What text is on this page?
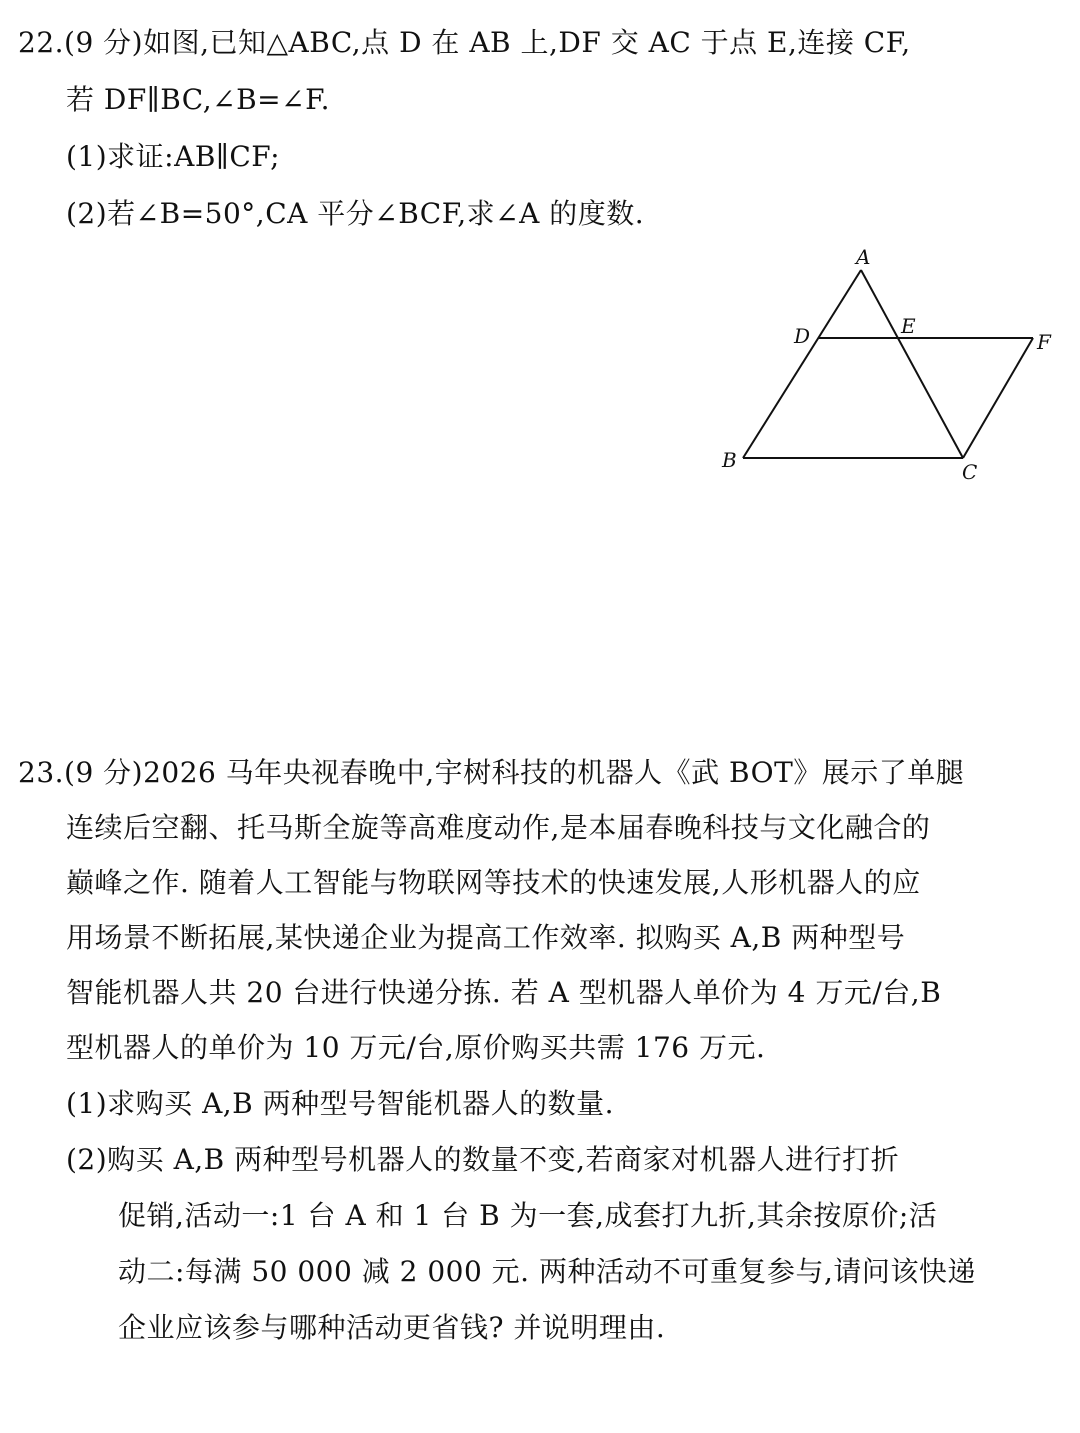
22.(9 分)如图,已知△ABC,点 D 在 AB 上,DF 交 AC 于点 E,连接 CF,
若 DF∥BC,∠B=∠F.
(1)求证:AB∥CF;
(2)若∠B=50°,CA 平分∠BCF,求∠A 的度数.
A
B	C
D	E
F
23.(9 分)2026 马年央视春晚中,宇树科技的机器人《武 BOT》展示了单腿
连续后空翻、托马斯全旋等高难度动作,是本届春晚科技与文化融合的
巅峰之作. 随着人工智能与物联网等技术的快速发展,人形机器人的应
用场景不断拓展,某快递企业为提高工作效率. 拟购买 A,B 两种型号
智能机器人共 20 台进行快递分拣. 若 A 型机器人单价为 4 万元/台,B
型机器人的单价为 10 万元/台,原价购买共需 176 万元.
(1)求购买 A,B 两种型号智能机器人的数量.
(2)购买 A,B 两种型号机器人的数量不变,若商家对机器人进行打折
促销,活动一:1 台 A 和 1 台 B 为一套,成套打九折,其余按原价;活
动二:每满 50 000 减 2 000 元. 两种活动不可重复参与,请问该快递
企业应该参与哪种活动更省钱? 并说明理由.
